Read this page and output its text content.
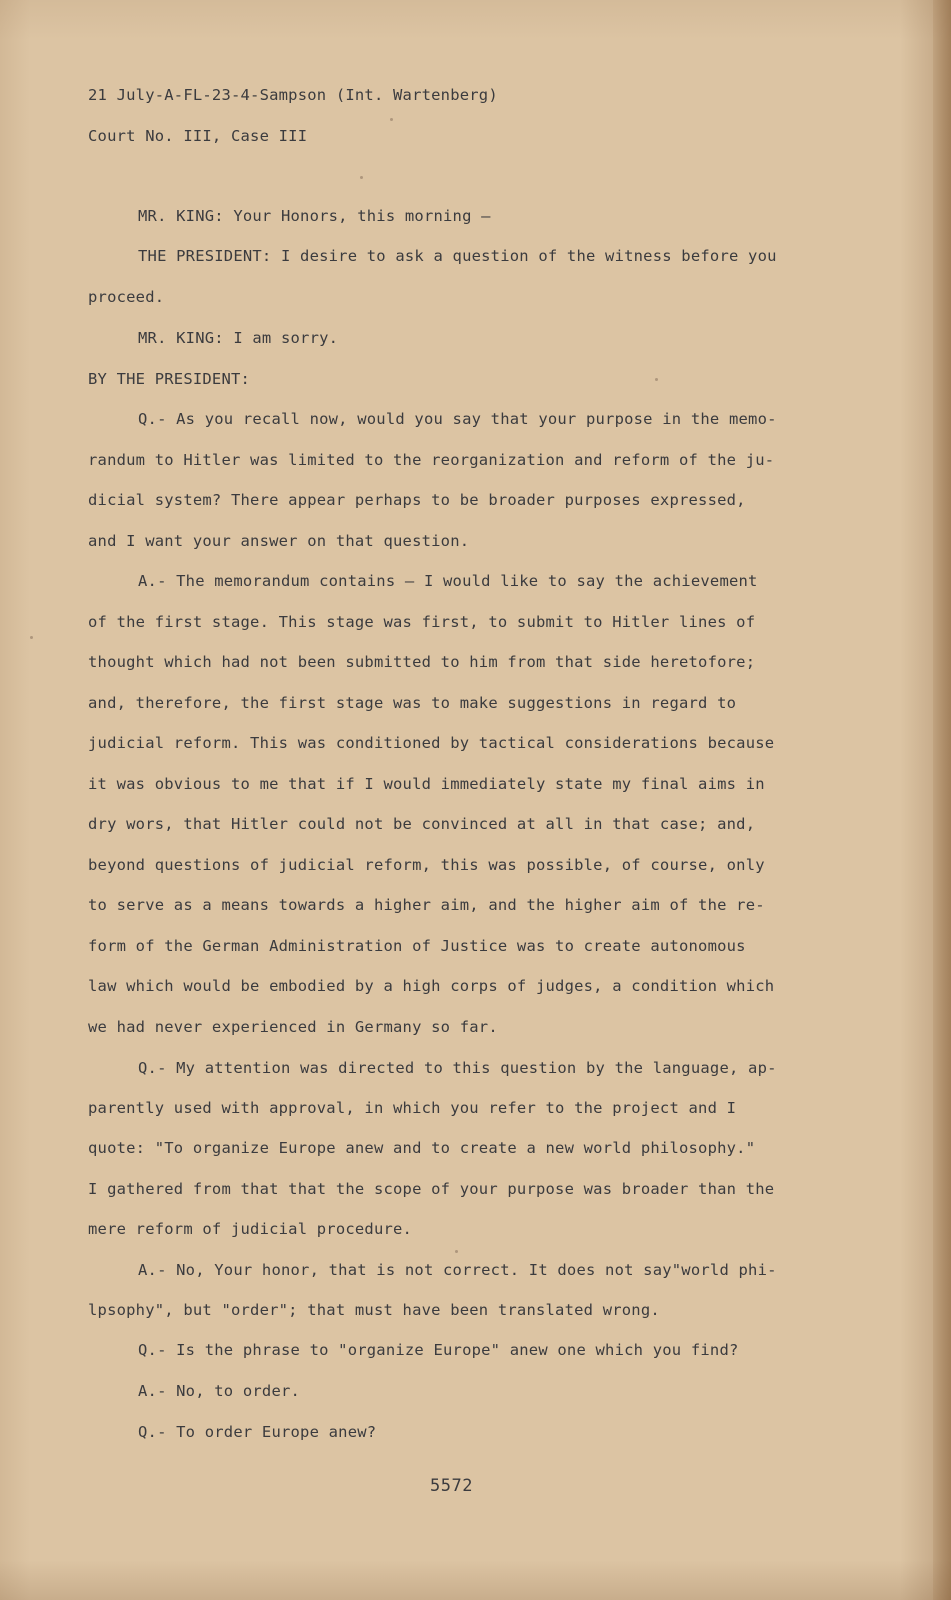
21 July-A-FL-23-4-Sampson (Int. Wartenberg)
Court No. III, Case III
MR. KING: Your Honors, this morning —
THE PRESIDENT: I desire to ask a question of the witness before you
proceed.
MR. KING: I am sorry.
BY THE PRESIDENT:
Q.- As you recall now, would you say that your purpose in the memo-
randum to Hitler was limited to the reorganization and reform of the ju-
dicial system? There appear perhaps to be broader purposes expressed,
and I want your answer on that question.
A.- The memorandum contains — I would like to say the achievement
of the first stage. This stage was first, to submit to Hitler lines of
thought which had not been submitted to him from that side heretofore;
and, therefore, the first stage was to make suggestions in regard to
judicial reform. This was conditioned by tactical considerations because
it was obvious to me that if I would immediately state my final aims in
dry wors, that Hitler could not be convinced at all in that case; and,
beyond questions of judicial reform, this was possible, of course, only
to serve as a means towards a higher aim, and the higher aim of the re-
form of the German Administration of Justice was to create autonomous
law which would be embodied by a high corps of judges, a condition which
we had never experienced in Germany so far.
Q.- My attention was directed to this question by the language, ap-
parently used with approval, in which you refer to the project and I
quote: "To organize Europe anew and to create a new world philosophy."
I gathered from that that the scope of your purpose was broader than the
mere reform of judicial procedure.
A.- No, Your honor, that is not correct. It does not say"world phi-
lpsophy", but "order"; that must have been translated wrong.
Q.- Is the phrase to "organize Europe" anew one which you find?
A.- No, to order.
Q.- To order Europe anew?
5572
